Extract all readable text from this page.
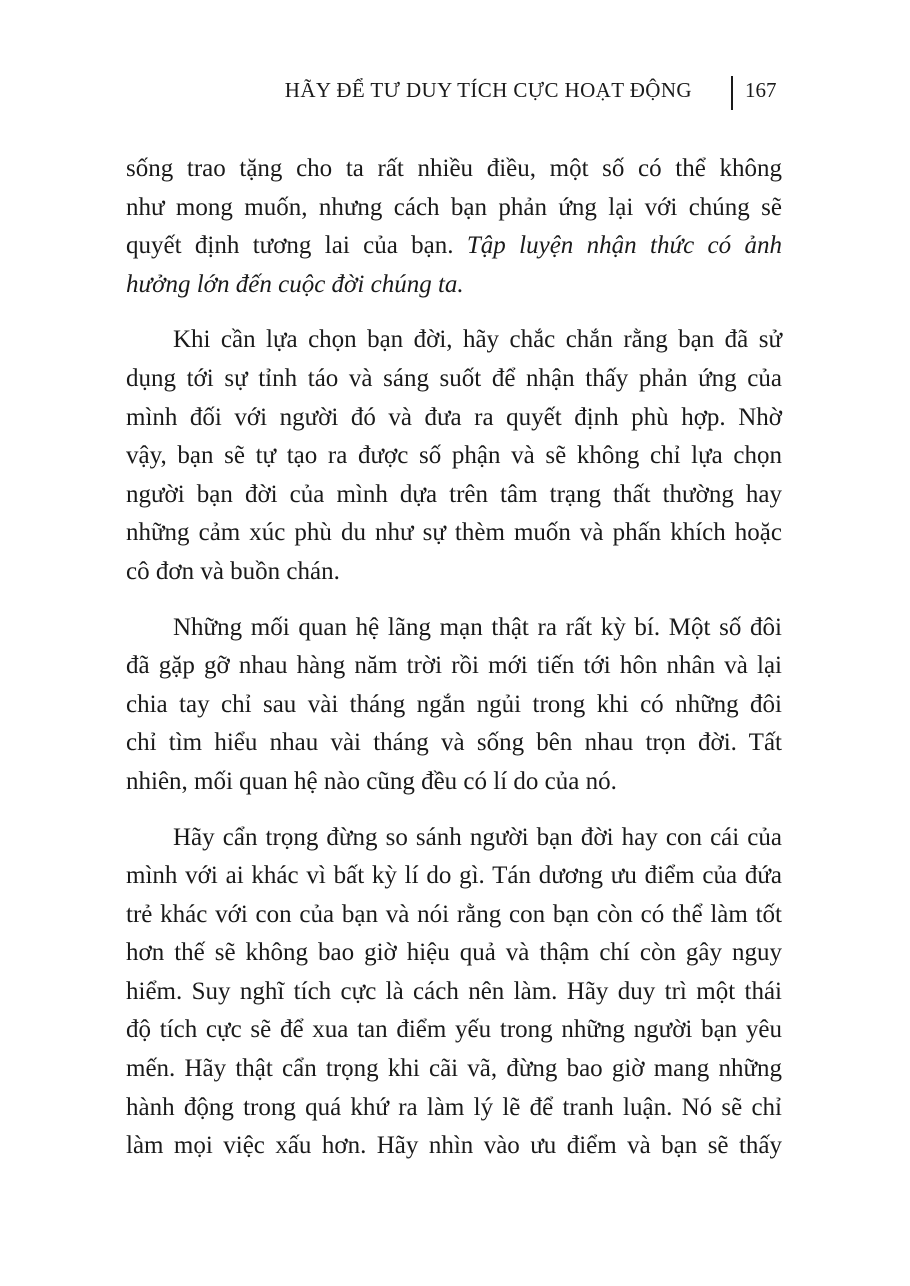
HÃY ĐỂ TƯ DUY TÍCH CỰC HOẠT ĐỘNG	167
sống trao tặng cho ta rất nhiều điều, một số có thể không
như mong muốn, nhưng cách bạn phản ứng lại với chúng sẽ
quyết định tương lai của bạn. Tập luyện nhận thức có ảnh
hưởng lớn đến cuộc đời chúng ta.
Khi cần lựa chọn bạn đời, hãy chắc chắn rằng bạn đã sử
dụng tới sự tỉnh táo và sáng suốt để nhận thấy phản ứng của
mình đối với người đó và đưa ra quyết định phù hợp. Nhờ
vậy, bạn sẽ tự tạo ra được số phận và sẽ không chỉ lựa chọn
người bạn đời của mình dựa trên tâm trạng thất thường hay
những cảm xúc phù du như sự thèm muốn và phấn khích hoặc
cô đơn và buồn chán.
Những mối quan hệ lãng mạn thật ra rất kỳ bí. Một số đôi
đã gặp gỡ nhau hàng năm trời rồi mới tiến tới hôn nhân và lại
chia tay chỉ sau vài tháng ngắn ngủi trong khi có những đôi
chỉ tìm hiểu nhau vài tháng và sống bên nhau trọn đời. Tất
nhiên, mối quan hệ nào cũng đều có lí do của nó.
Hãy cẩn trọng đừng so sánh người bạn đời hay con cái của
mình với ai khác vì bất kỳ lí do gì. Tán dương ưu điểm của đứa
trẻ khác với con của bạn và nói rằng con bạn còn có thể làm tốt
hơn thế sẽ không bao giờ hiệu quả và thậm chí còn gây nguy
hiểm. Suy nghĩ tích cực là cách nên làm. Hãy duy trì một thái
độ tích cực sẽ để xua tan điểm yếu trong những người bạn yêu
mến. Hãy thật cẩn trọng khi cãi vã, đừng bao giờ mang những
hành động trong quá khứ ra làm lý lẽ để tranh luận. Nó sẽ chỉ
làm mọi việc xấu hơn. Hãy nhìn vào ưu điểm và bạn sẽ thấy
